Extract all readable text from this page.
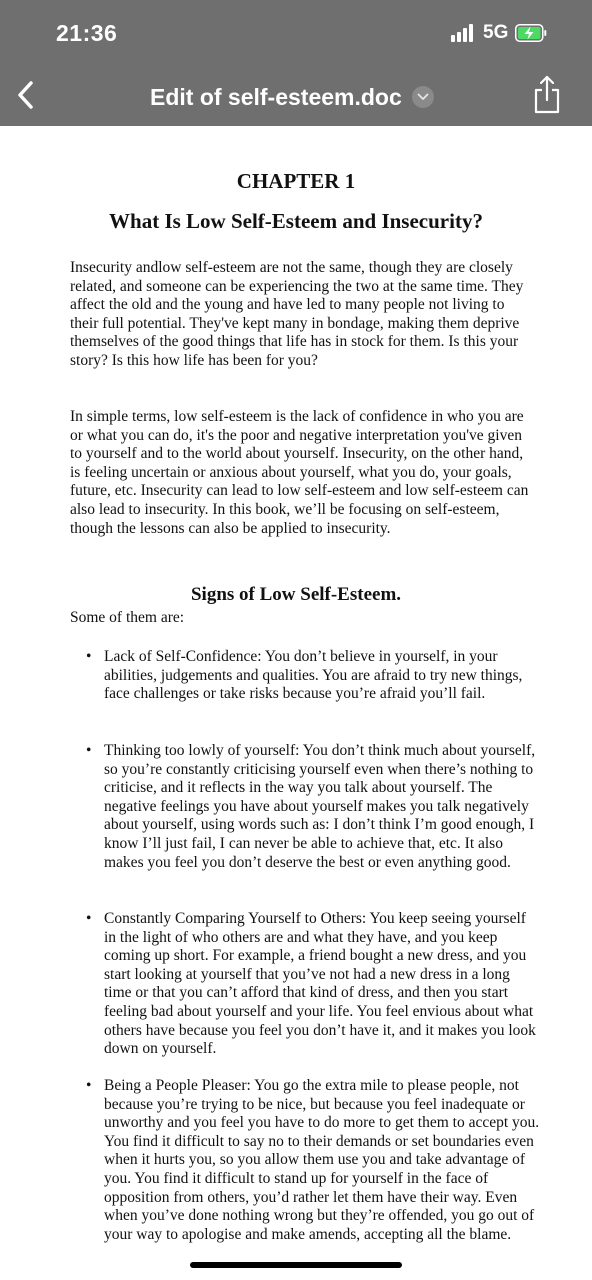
21:36	5G
Edit of self-esteem.doc
CHAPTER 1
What Is Low Self-Esteem and Insecurity?

Insecurity andlow self-esteem are not the same, though they are closely related, and someone can be experiencing the two at the same time. They affect the old and the young and have led to many people not living to their full potential. They've kept many in bondage, making them deprive themselves of the good things that life has in stock for them. Is this your story? Is this how life has been for you?

In simple terms, low self-esteem is the lack of confidence in who you are or what you can do, it's the poor and negative interpretation you've given to yourself and to the world about yourself. Insecurity, on the other hand, is feeling uncertain or anxious about yourself, what you do, your goals, future, etc. Insecurity can lead to low self-esteem and low self-esteem can also lead to insecurity. In this book, we’ll be focusing on self-esteem, though the lessons can also be applied to insecurity.

Signs of Low Self-Esteem.
Some of them are:
• Lack of Self-Confidence: You don’t believe in yourself, in your abilities, judgements and qualities. You are afraid to try new things, face challenges or take risks because you’re afraid you’ll fail.
• Thinking too lowly of yourself: You don’t think much about yourself, so you’re constantly criticising yourself even when there’s nothing to criticise, and it reflects in the way you talk about yourself. The negative feelings you have about yourself makes you talk negatively about yourself, using words such as: I don’t think I’m good enough, I know I’ll just fail, I can never be able to achieve that, etc. It also makes you feel you don’t deserve the best or even anything good.
• Constantly Comparing Yourself to Others: You keep seeing yourself in the light of who others are and what they have, and you keep coming up short. For example, a friend bought a new dress, and you start looking at yourself that you’ve not had a new dress in a long time or that you can’t afford that kind of dress, and then you start feeling bad about yourself and your life. You feel envious about what others have because you feel you don’t have it, and it makes you look down on yourself.
• Being a People Pleaser: You go the extra mile to please people, not because you’re trying to be nice, but because you feel inadequate or unworthy and you feel you have to do more to get them to accept you. You find it difficult to say no to their demands or set boundaries even when it hurts you, so you allow them use you and take advantage of you. You find it difficult to stand up for yourself in the face of opposition from others, you’d rather let them have their way. Even when you’ve done nothing wrong but they’re offended, you go out of your way to apologise and make amends, accepting all the blame.
